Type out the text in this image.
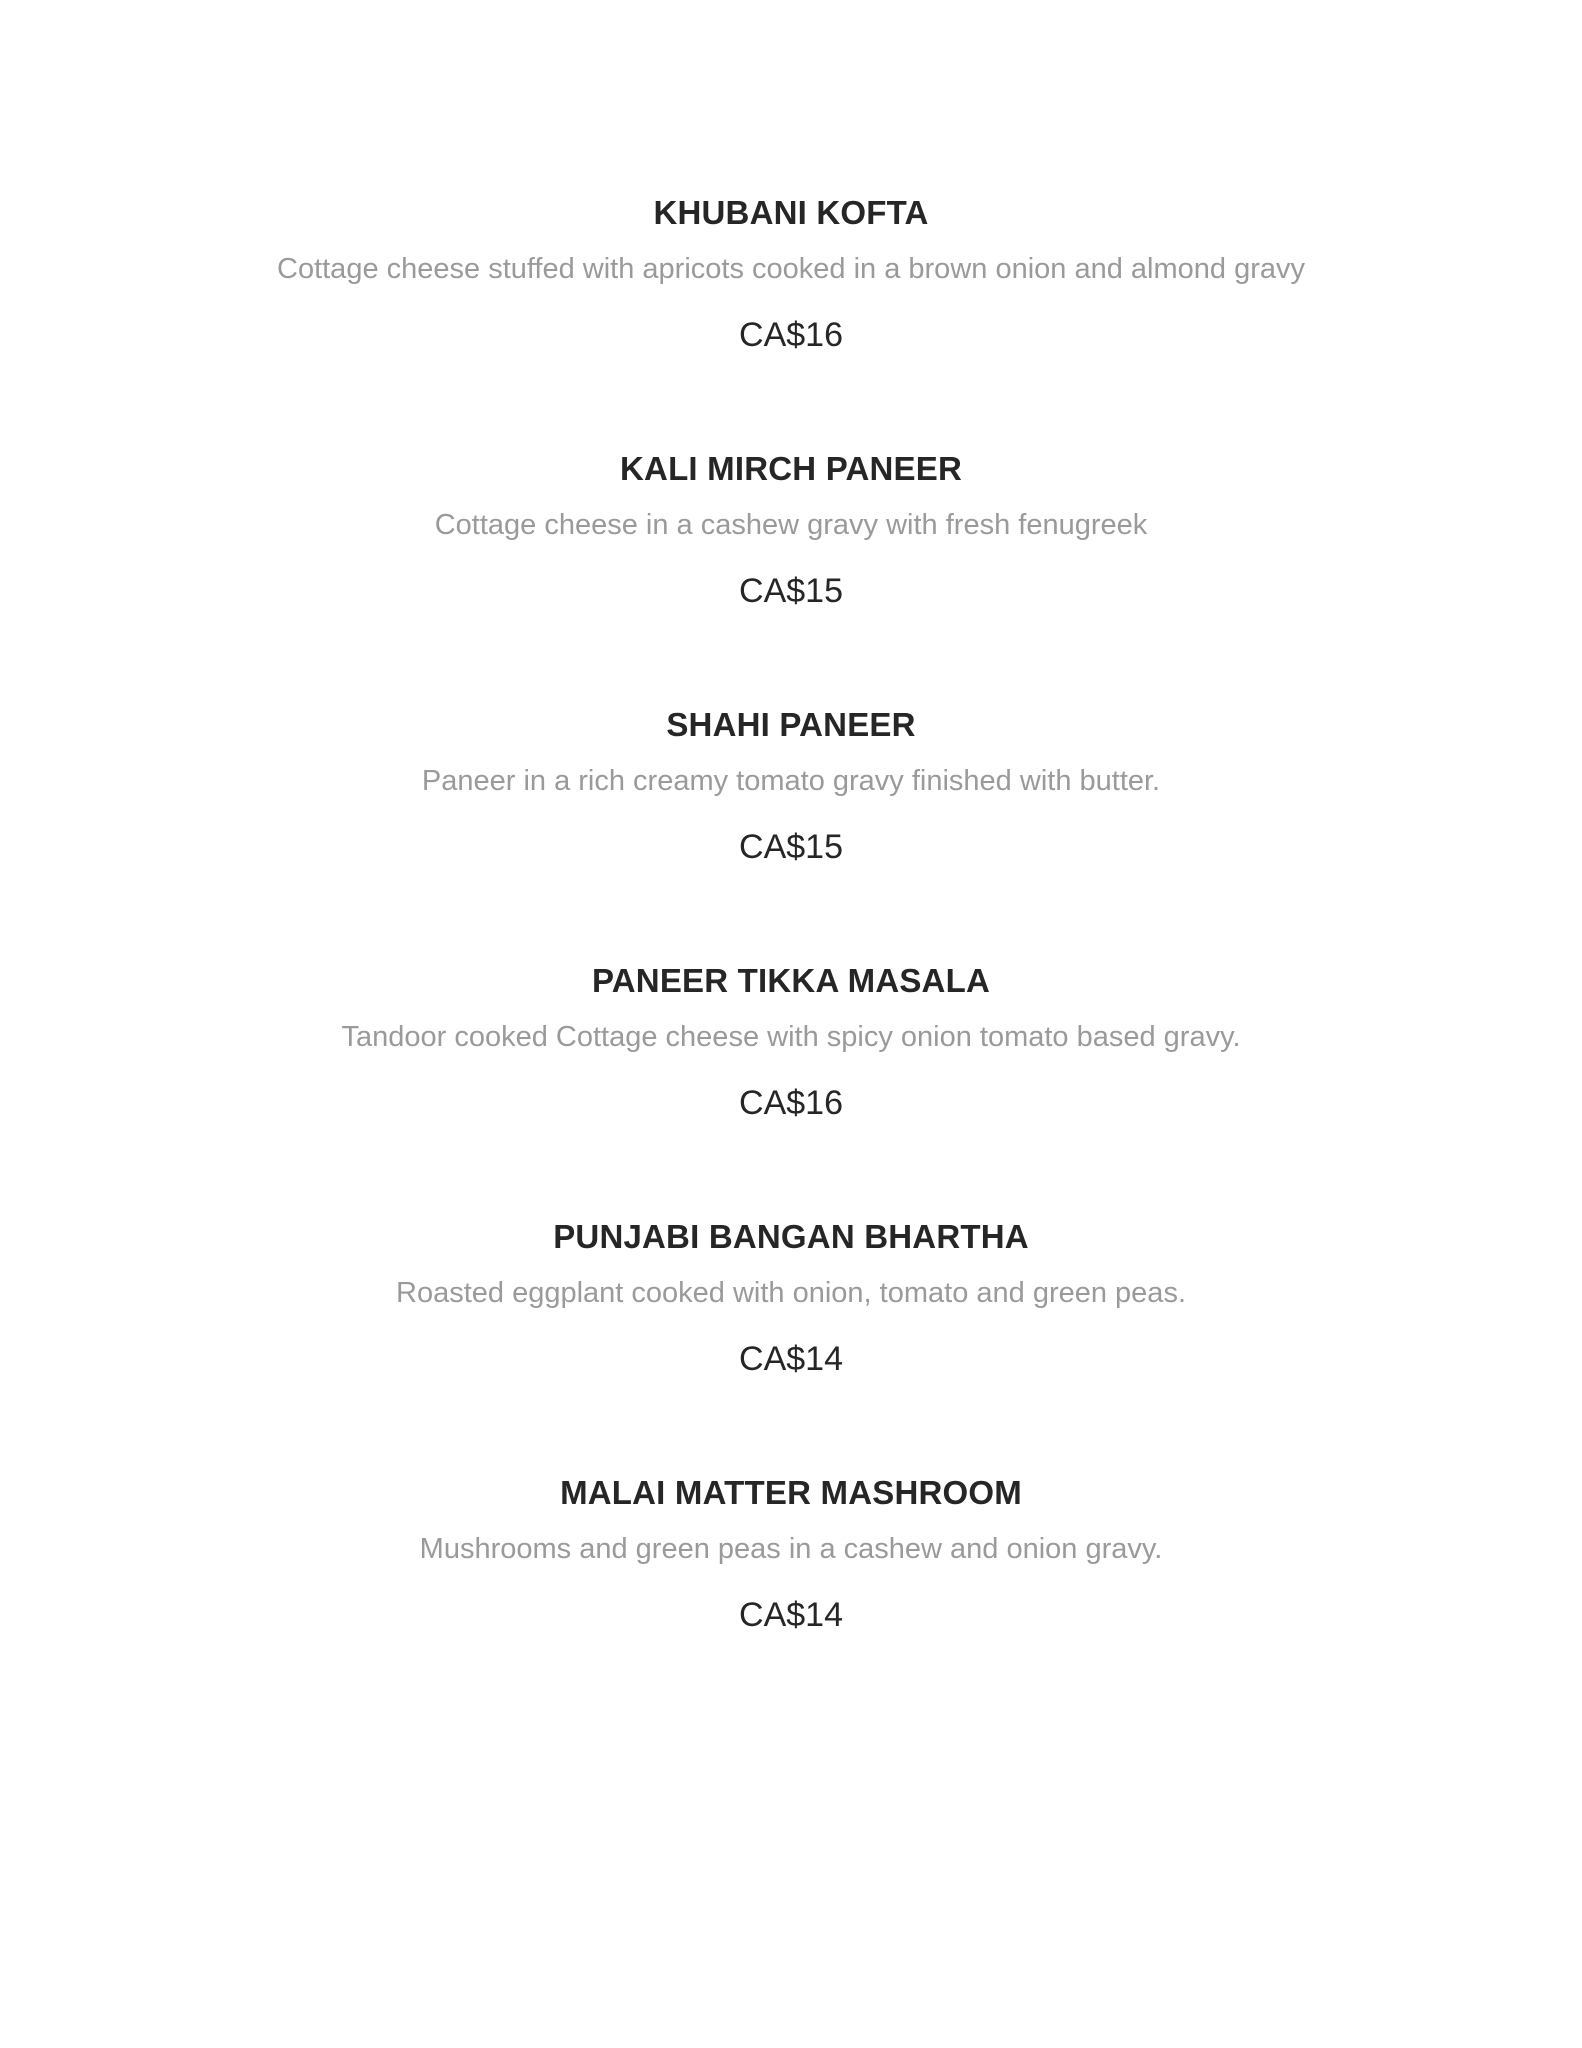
KHUBANI KOFTA

Cottage cheese stuffed with apricots cooked in a brown onion and almond gravy

CA$16

KALI MIRCH PANEER

Cottage cheese in a cashew gravy with fresh fenugreek

CA$15

SHAHI PANEER

Paneer in a rich creamy tomato gravy finished with butter.

CA$15

PANEER TIKKA MASALA

Tandoor cooked Cottage cheese with spicy onion tomato based gravy.

CA$16

PUNJABI BANGAN BHARTHA

Roasted eggplant cooked with onion, tomato and green peas.

CA$14

MALAI MATTER MASHROOM

Mushrooms and green peas in a cashew and onion gravy.

CA$14
